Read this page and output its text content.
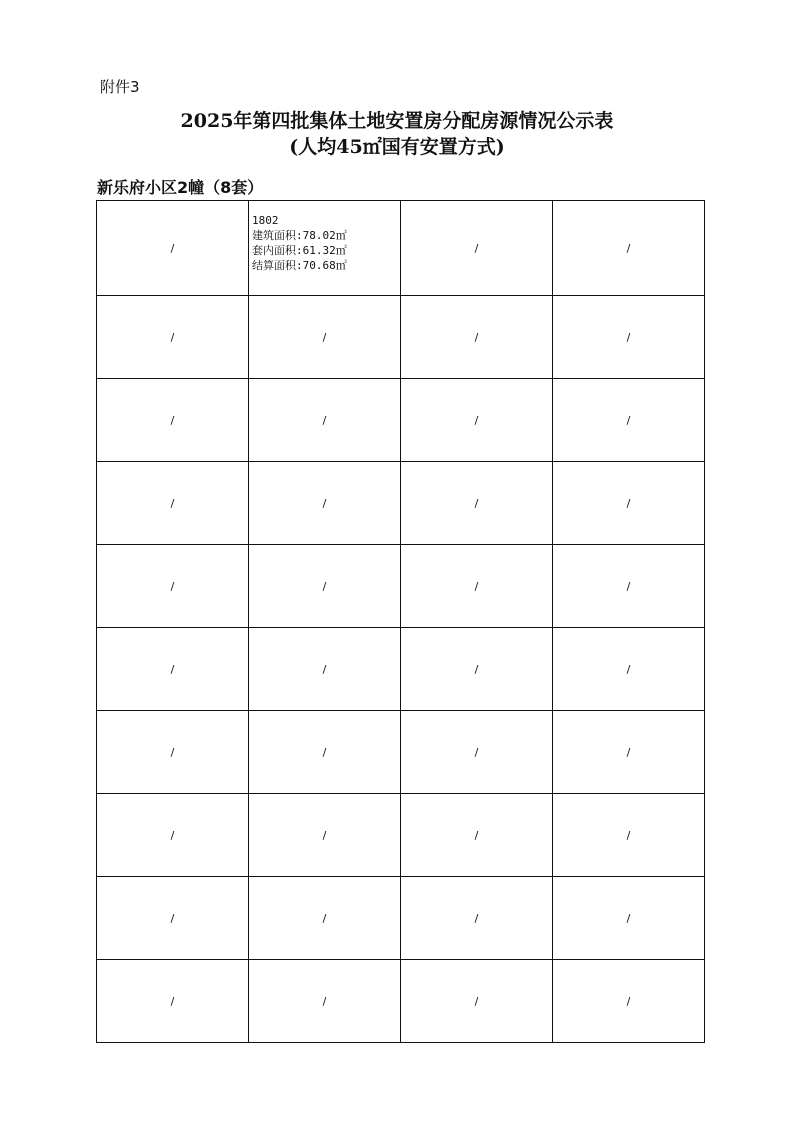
附件3
2025年第四批集体土地安置房分配房源情况公示表
(人均45㎡国有安置方式)
新乐府小区2幢（8套）
/	1802
建筑面积:78.02㎡
套内面积:61.32㎡
结算面积:70.68㎡	/	/
/	/	/	/
/	/	/	/
/	/	/	/
/	/	/	/
/	/	/	/
/	/	/	/
/	/	/	/
/	/	/	/
/	/	/	/
